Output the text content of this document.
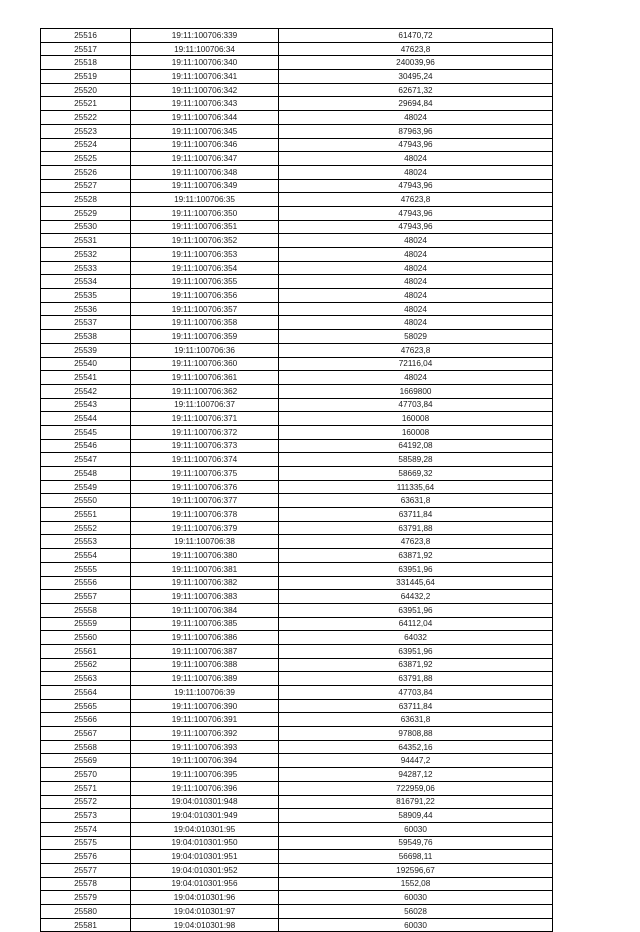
25516	19:11:100706:339	61470,72
25517	19:11:100706:34	47623,8
25518	19:11:100706:340	240039,96
25519	19:11:100706:341	30495,24
25520	19:11:100706:342	62671,32
25521	19:11:100706:343	29694,84
25522	19:11:100706:344	48024
25523	19:11:100706:345	87963,96
25524	19:11:100706:346	47943,96
25525	19:11:100706:347	48024
25526	19:11:100706:348	48024
25527	19:11:100706:349	47943,96
25528	19:11:100706:35	47623,8
25529	19:11:100706:350	47943,96
25530	19:11:100706:351	47943,96
25531	19:11:100706:352	48024
25532	19:11:100706:353	48024
25533	19:11:100706:354	48024
25534	19:11:100706:355	48024
25535	19:11:100706:356	48024
25536	19:11:100706:357	48024
25537	19:11:100706:358	48024
25538	19:11:100706:359	58029
25539	19:11:100706:36	47623,8
25540	19:11:100706:360	72116,04
25541	19:11:100706:361	48024
25542	19:11:100706:362	1669800
25543	19:11:100706:37	47703,84
25544	19:11:100706:371	160008
25545	19:11:100706:372	160008
25546	19:11:100706:373	64192,08
25547	19:11:100706:374	58589,28
25548	19:11:100706:375	58669,32
25549	19:11:100706:376	111335,64
25550	19:11:100706:377	63631,8
25551	19:11:100706:378	63711,84
25552	19:11:100706:379	63791,88
25553	19:11:100706:38	47623,8
25554	19:11:100706:380	63871,92
25555	19:11:100706:381	63951,96
25556	19:11:100706:382	331445,64
25557	19:11:100706:383	64432,2
25558	19:11:100706:384	63951,96
25559	19:11:100706:385	64112,04
25560	19:11:100706:386	64032
25561	19:11:100706:387	63951,96
25562	19:11:100706:388	63871,92
25563	19:11:100706:389	63791,88
25564	19:11:100706:39	47703,84
25565	19:11:100706:390	63711,84
25566	19:11:100706:391	63631,8
25567	19:11:100706:392	97808,88
25568	19:11:100706:393	64352,16
25569	19:11:100706:394	94447,2
25570	19:11:100706:395	94287,12
25571	19:11:100706:396	722959,06
25572	19:04:010301:948	816791,22
25573	19:04:010301:949	58909,44
25574	19:04:010301:95	60030
25575	19:04:010301:950	59549,76
25576	19:04:010301:951	56698,11
25577	19:04:010301:952	192596,67
25578	19:04:010301:956	1552,08
25579	19:04:010301:96	60030
25580	19:04:010301:97	56028
25581	19:04:010301:98	60030
